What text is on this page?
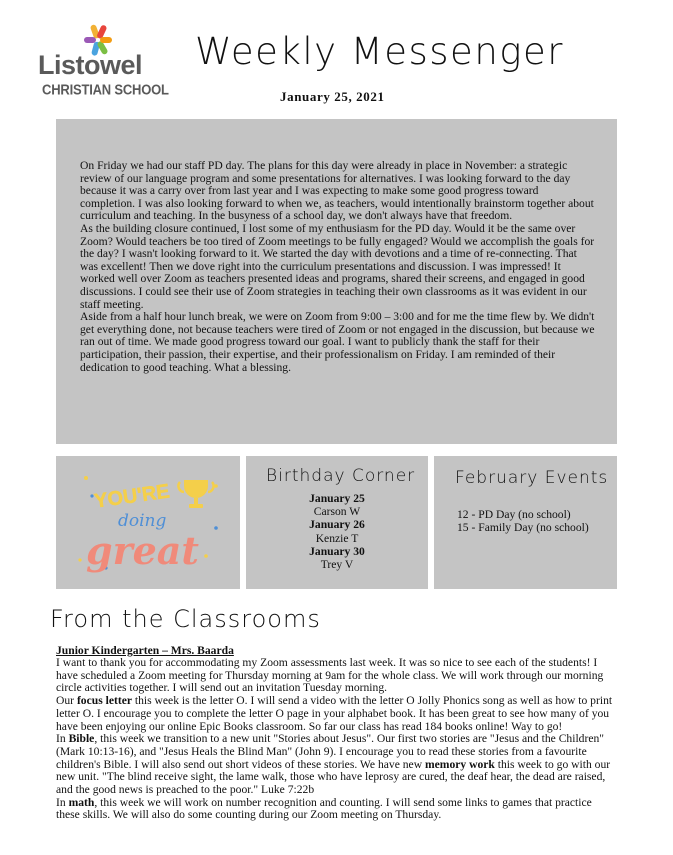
Listowel
CHRISTIAN SCHOOL
Weekly Messenger
January 25, 2021

On Friday we had our staff PD day. The plans for this day were already in place in November: a strategic review of our language program and some presentations for alternatives. I was looking forward to the day because it was a carry over from last year and I was expecting to make some good progress toward completion. I was also looking forward to when we, as teachers, would intentionally brainstorm together about curriculum and teaching. In the busyness of a school day, we don't always have that freedom.

As the building closure continued, I lost some of my enthusiasm for the PD day. Would it be the same over Zoom? Would teachers be too tired of Zoom meetings to be fully engaged? Would we accomplish the goals for the day? I wasn't looking forward to it. We started the day with devotions and a time of re-connecting. That was excellent! Then we dove right into the curriculum presentations and discussion. I was impressed! It worked well over Zoom as teachers presented ideas and programs, shared their screens, and engaged in good discussions. I could see their use of Zoom strategies in teaching their own classrooms as it was evident in our staff meeting.

Aside from a half hour lunch break, we were on Zoom from 9:00 – 3:00 and for me the time flew by. We didn't get everything done, not because teachers were tired of Zoom or not engaged in the discussion, but because we ran out of time. We made good progress toward our goal. I want to publicly thank the staff for their participation, their passion, their expertise, and their professionalism on Friday. I am reminded of their dedication to good teaching. What a blessing.

YOU'RE
doing
great
Birthday Corner
January 25
Carson W
January 26
Kenzie T
January 30
Trey V
February Events
12 - PD Day (no school)
15 - Family Day (no school)
From the Classrooms
Junior Kindergarten – Mrs. Baarda

I want to thank you for accommodating my Zoom assessments last week. It was so nice to see each of the students! I have scheduled a Zoom meeting for Thursday morning at 9am for the whole class. We will work through our morning circle activities together. I will send out an invitation Tuesday morning.

Our focus letter this week is the letter O. I will send a video with the letter O Jolly Phonics song as well as how to print letter O. I encourage you to complete the letter O page in your alphabet book. It has been great to see how many of you have been enjoying our online Epic Books classroom. So far our class has read 184 books online! Way to go!

In Bible, this week we transition to a new unit "Stories about Jesus". Our first two stories are "Jesus and the Children" (Mark 10:13-16), and "Jesus Heals the Blind Man" (John 9). I encourage you to read these stories from a favourite children's Bible. I will also send out short videos of these stories. We have new memory work this week to go with our new unit. "The blind receive sight, the lame walk, those who have leprosy are cured, the deaf hear, the dead are raised, and the good news is preached to the poor." Luke 7:22b

In math, this week we will work on number recognition and counting. I will send some links to games that practice these skills. We will also do some counting during our Zoom meeting on Thursday.
